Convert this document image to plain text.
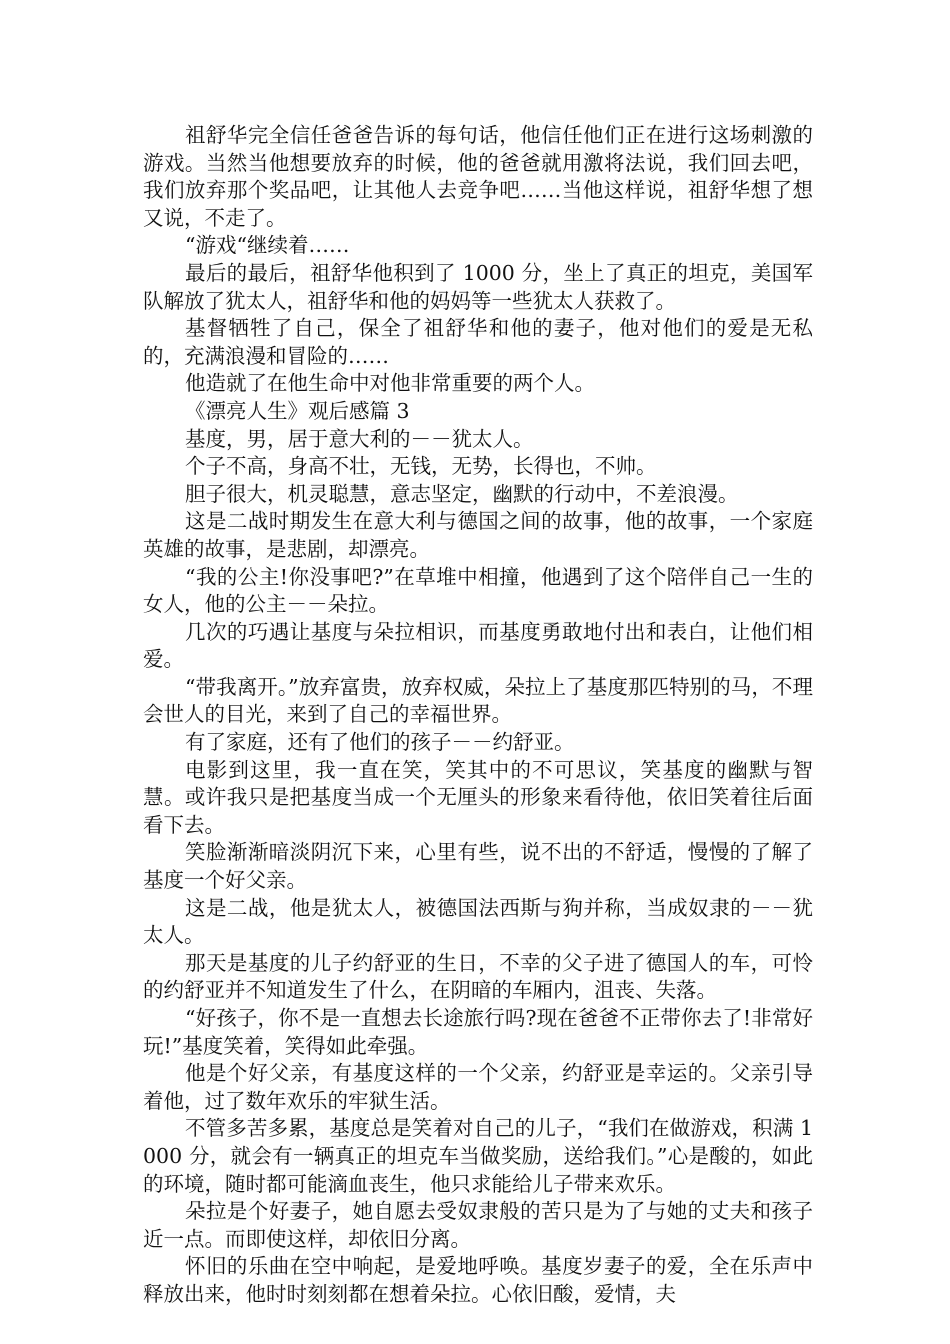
祖舒华完全信任爸爸告诉的每句话，他信任他们正在进行这场刺激的游戏。当然当他想要放弃的时候，他的爸爸就用激将法说，我们回去吧，我们放弃那个奖品吧，让其他人去竞争吧……当他这样说，祖舒华想了想又说，不走了。

“游戏“继续着……

最后的最后，祖舒华他积到了 1000 分，坐上了真正的坦克，美国军队解放了犹太人，祖舒华和他的妈妈等一些犹太人获救了。

基督牺牲了自己，保全了祖舒华和他的妻子，他对他们的爱是无私的，充满浪漫和冒险的……

他造就了在他生命中对他非常重要的两个人。

《漂亮人生》观后感篇 3

基度，男，居于意大利的－－犹太人。

个子不高，身高不壮，无钱，无势，长得也，不帅。

胆子很大，机灵聪慧，意志坚定，幽默的行动中，不差浪漫。

这是二战时期发生在意大利与德国之间的故事，他的故事，一个家庭英雄的故事，是悲剧，却漂亮。

“我的公主!你没事吧?”在草堆中相撞，他遇到了这个陪伴自己一生的女人，他的公主－－朵拉。

几次的巧遇让基度与朵拉相识，而基度勇敢地付出和表白，让他们相爱。

“带我离开。”放弃富贵，放弃权威，朵拉上了基度那匹特别的马，不理会世人的目光，来到了自己的幸福世界。

有了家庭，还有了他们的孩子－－约舒亚。

电影到这里，我一直在笑，笑其中的不可思议，笑基度的幽默与智慧。或许我只是把基度当成一个无厘头的形象来看待他，依旧笑着往后面看下去。

笑脸渐渐暗淡阴沉下来，心里有些，说不出的不舒适，慢慢的了解了基度一个好父亲。

这是二战，他是犹太人，被德国法西斯与狗并称，当成奴隶的－－犹太人。

那天是基度的儿子约舒亚的生日，不幸的父子进了德国人的车，可怜的约舒亚并不知道发生了什么，在阴暗的车厢内，沮丧、失落。

“好孩子，你不是一直想去长途旅行吗?现在爸爸不正带你去了!非常好玩!”基度笑着，笑得如此牵强。

他是个好父亲，有基度这样的一个父亲，约舒亚是幸运的。父亲引导着他，过了数年欢乐的牢狱生活。

不管多苦多累，基度总是笑着对自己的儿子，“我们在做游戏，积满 1000 分，就会有一辆真正的坦克车当做奖励，送给我们。”心是酸的，如此的环境，随时都可能滴血丧生，他只求能给儿子带来欢乐。

朵拉是个好妻子，她自愿去受奴隶般的苦只是为了与她的丈夫和孩子近一点。而即使这样，却依旧分离。

怀旧的乐曲在空中响起，是爱地呼唤。基度岁妻子的爱，全在乐声中释放出来，他时时刻刻都在想着朵拉。心依旧酸，爱情，夫
